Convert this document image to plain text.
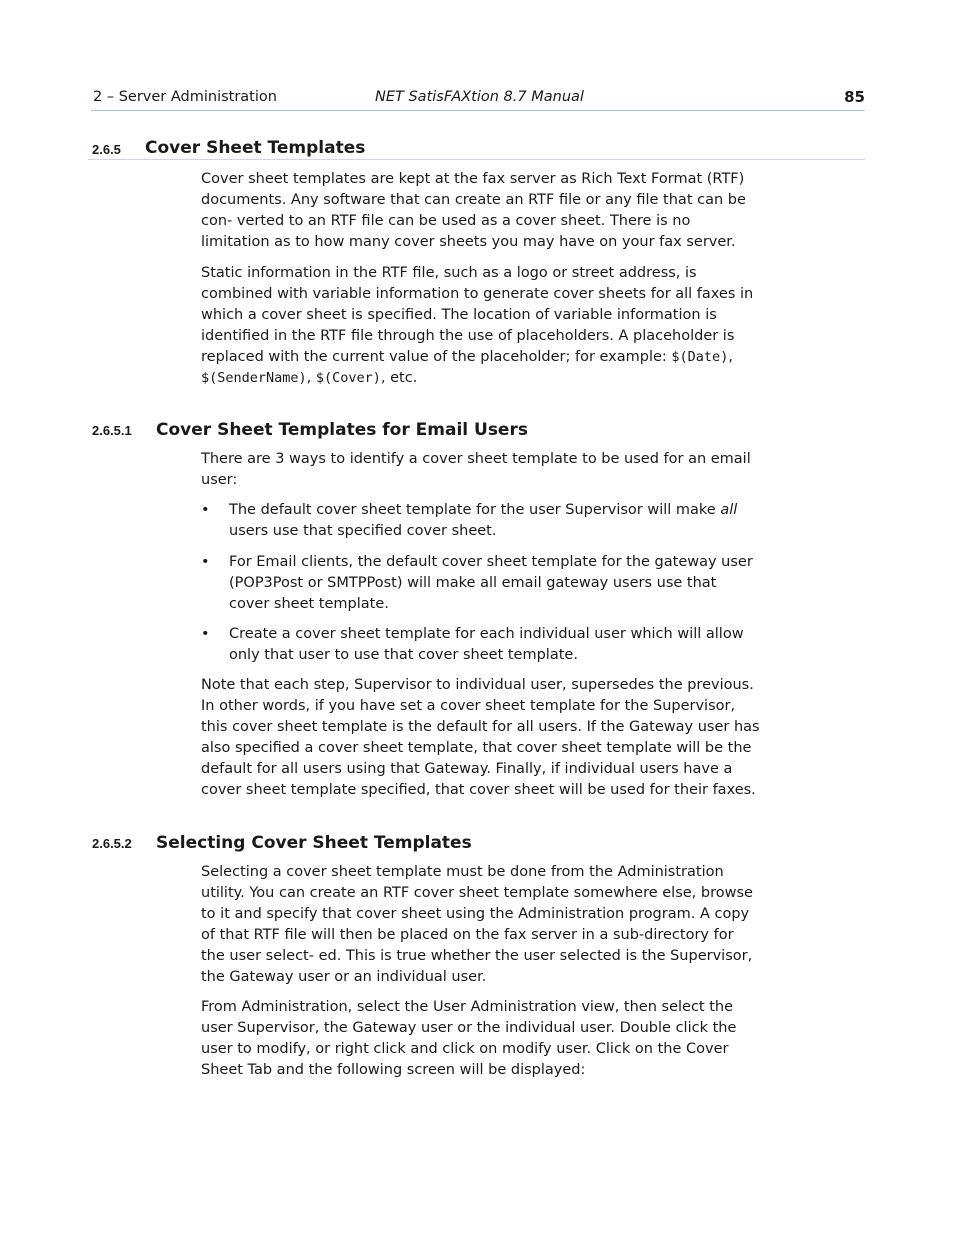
2 – Server Administration	NET SatisFAXtion 8.7 Manual	85
2.6.5 Cover Sheet Templates

Cover sheet templates are kept at the fax server as Rich Text Format (RTF) documents. Any software that can create an RTF file or any file that can be con- verted to an RTF file can be used as a cover sheet. There is no limitation as to how many cover sheets you may have on your fax server.

Static information in the RTF file, such as a logo or street address, is combined with variable information to generate cover sheets for all faxes in which a cover sheet is specified. The location of variable information is identified in the RTF file through the use of placeholders. A placeholder is replaced with the current value of the placeholder; for example: $(Date), $(SenderName), $(Cover), etc.

2.6.5.1 Cover Sheet Templates for Email Users

There are 3 ways to identify a cover sheet template to be used for an email user:

• The default cover sheet template for the user Supervisor will make all users use that specified cover sheet.
• For Email clients, the default cover sheet template for the gateway user (POP3Post or SMTPPost) will make all email gateway users use that cover sheet template.
• Create a cover sheet template for each individual user which will allow only that user to use that cover sheet template.

Note that each step, Supervisor to individual user, supersedes the previous. In other words, if you have set a cover sheet template for the Supervisor, this cover sheet template is the default for all users. If the Gateway user has also specified a cover sheet template, that cover sheet template will be the default for all users using that Gateway. Finally, if individual users have a cover sheet template specified, that cover sheet will be used for their faxes.

2.6.5.2 Selecting Cover Sheet Templates

Selecting a cover sheet template must be done from the Administration utility. You can create an RTF cover sheet template somewhere else, browse to it and specify that cover sheet using the Administration program. A copy of that RTF file will then be placed on the fax server in a sub-directory for the user select- ed. This is true whether the user selected is the Supervisor, the Gateway user or an individual user.

From Administration, select the User Administration view, then select the user Supervisor, the Gateway user or the individual user. Double click the user to modify, or right click and click on modify user. Click on the Cover Sheet Tab and the following screen will be displayed:
